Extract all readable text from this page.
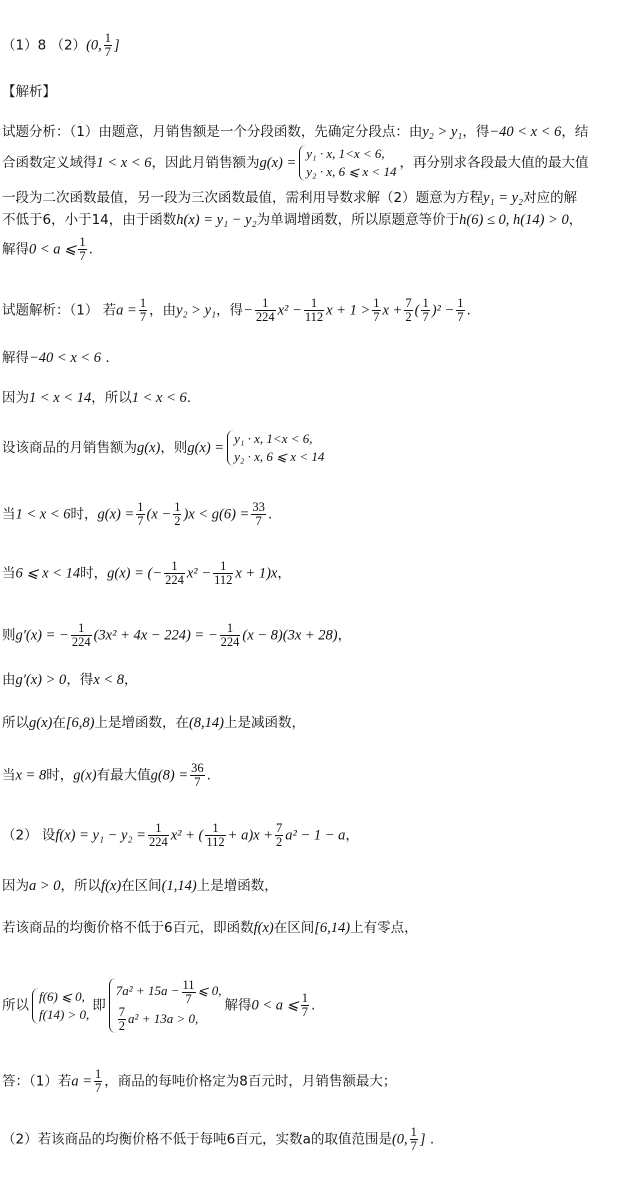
（1）8 （2）(0, $\frac{1}{7}$ ]
【解析】
试题分析：（1）由题意，月销售额是一个分段函数，先确定分段点：由y₂ > y₁，得−40 < x < 6，结
合函数定义域得1 < x < 6，因此月销售额为g(x) =
y₁ · x, 1<x < 6,
y₂ · x, 6 ⩽ x < 14
，再分别求各段最大值的最大值
一段为二次函数最值，另一段为三次函数最值，需利用导数求解（2）题意为方程y₁ = y₂对应的解
不低于6，小于14，由于函数h(x) = y₁ − y₂为单调增函数，所以原题意等价于h(6) ≤ 0, h(14) > 0，
解得0 < a ⩽ $\frac{1}{7}$ .
试题解析：（1） 若$a = \frac{1}{7}$ ，由y₂ > y₁，得− $\frac{1}{224} x^2 - \frac{1}{112}$ $x + 1 > \frac{1}{7}$ $x + \frac{7}{2}$ ( $\frac{1}{7} )^2 - \frac{1}{7}$ .
解得−40 < x < 6 .
因为1 < x < 14，所以1 < x < 6.
设该商品的月销售额为g(x)，则g(x) =
y₁ · x, 1<x < 6,
y₂ · x, 6 ⩽ x < 14
当1 < x < 6时，$g(x) = \frac{1}{7} (x - \frac{1}{2} )x < g(6) = \frac{33}{7}$ .
当6 ⩽ x < 14时，g(x) = (− $\frac{1}{224} x^2 - \frac{1}{112}$ x + 1)x，
则g′(x) = − $\frac{1}{224} (3x^2 + 4x - 224)$ = − $\frac{1}{224} (x - 8)(3x + 28)$，
由g′(x) > 0，得x < 8，
所以g(x)在[6,8)上是增函数，在(8,14)上是减函数，
当x = 8时，g(x)有最大值$g(8) = \frac{36}{7}$ .
（2） 设$f(x) = y_1 - y_2 = \frac{1}{224} x^2$ + ( $\frac{1}{112} + a)x + \frac{7}{2} a^2 - 1 - a$，
因为a > 0，所以f(x)在区间(1,14)上是增函数，
若该商品的均衡价格不低于6百元，即函数f(x)在区间[6,14)上有零点，
所以
f(6) ⩽ 0,
f(14) > 0,
即
$7a^2 + 15a - \frac{11}{7}$ ⩽ 0,
$\frac{7}{2} a^2 + 13a > 0$,
解得0 < a ⩽ $\frac{1}{7}$ .
答：（1）若$a = \frac{1}{7}$ ，商品的每吨价格定为8百元时，月销售额最大；
（2）若该商品的均衡价格不低于每吨6百元，实数a的取值范围是(0, $\frac{1}{7}$ ] .
